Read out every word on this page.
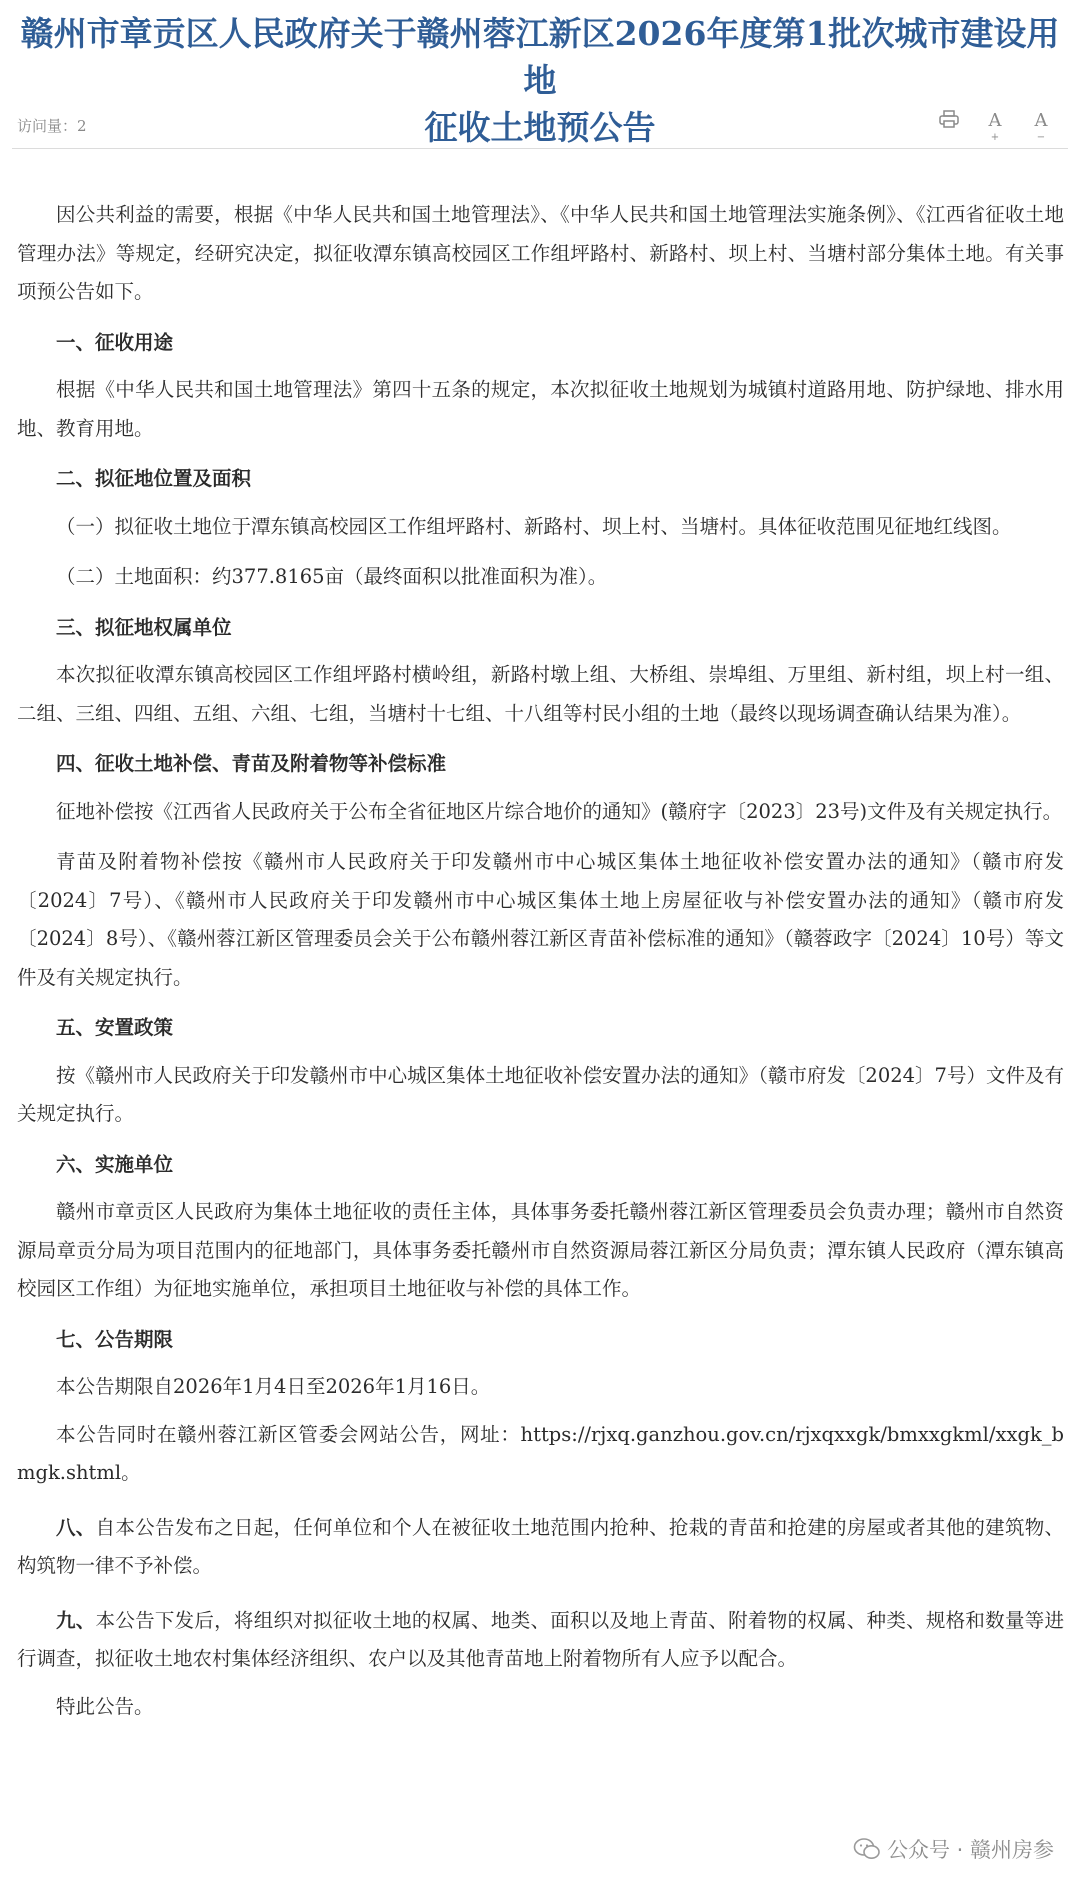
赣州市章贡区人民政府关于赣州蓉江新区2026年度第1批次城市建设用地
征收土地预公告
访问量：2	A+
A−

因公共利益的需要，根据《中华人民共和国土地管理法》、《中华人民共和国土地管理法实施条例》、《江西省征收土地管理办法》等规定，经研究决定，拟征收潭东镇高校园区工作组坪路村、新路村、坝上村、当塘村部分集体土地。有关事项预公告如下。

一、征收用途

根据《中华人民共和国土地管理法》第四十五条的规定，本次拟征收土地规划为城镇村道路用地、防护绿地、排水用地、教育用地。

二、拟征地位置及面积

（一）拟征收土地位于潭东镇高校园区工作组坪路村、新路村、坝上村、当塘村。具体征收范围见征地红线图。

（二）土地面积：约377.8165亩（最终面积以批准面积为准）。

三、拟征地权属单位

本次拟征收潭东镇高校园区工作组坪路村横岭组，新路村墩上组、大桥组、崇埠组、万里组、新村组，坝上村一组、二组、三组、四组、五组、六组、七组，当塘村十七组、十八组等村民小组的土地（最终以现场调查确认结果为准）。

四、征收土地补偿、青苗及附着物等补偿标准

征地补偿按《江西省人民政府关于公布全省征地区片综合地价的通知》(赣府字〔2023〕23号)文件及有关规定执行。

青苗及附着物补偿按《赣州市人民政府关于印发赣州市中心城区集体土地征收补偿安置办法的通知》（赣市府发〔2024〕7号）、《赣州市人民政府关于印发赣州市中心城区集体土地上房屋征收与补偿安置办法的通知》（赣市府发〔2024〕8号）、《赣州蓉江新区管理委员会关于公布赣州蓉江新区青苗补偿标准的通知》（赣蓉政字〔2024〕10号）等文件及有关规定执行。

五、安置政策

按《赣州市人民政府关于印发赣州市中心城区集体土地征收补偿安置办法的通知》（赣市府发〔2024〕7号）文件及有关规定执行。

六、实施单位

赣州市章贡区人民政府为集体土地征收的责任主体，具体事务委托赣州蓉江新区管理委员会负责办理；赣州市自然资源局章贡分局为项目范围内的征地部门，具体事务委托赣州市自然资源局蓉江新区分局负责；潭东镇人民政府（潭东镇高校园区工作组）为征地实施单位，承担项目土地征收与补偿的具体工作。

七、公告期限

本公告期限自2026年1月4日至2026年1月16日。

本公告同时在赣州蓉江新区管委会网站公告，网址：https://rjxq.ganzhou.gov.cn/rjxqxxgk/bmxxgkml/xxgk_bmgk.shtml。

八、自本公告发布之日起，任何单位和个人在被征收土地范围内抢种、抢栽的青苗和抢建的房屋或者其他的建筑物、构筑物一律不予补偿。

九、本公告下发后，将组织对拟征收土地的权属、地类、面积以及地上青苗、附着物的权属、种类、规格和数量等进行调查，拟征收土地农村集体经济组织、农户以及其他青苗地上附着物所有人应予以配合。

特此公告。

公众号 · 赣州房参
